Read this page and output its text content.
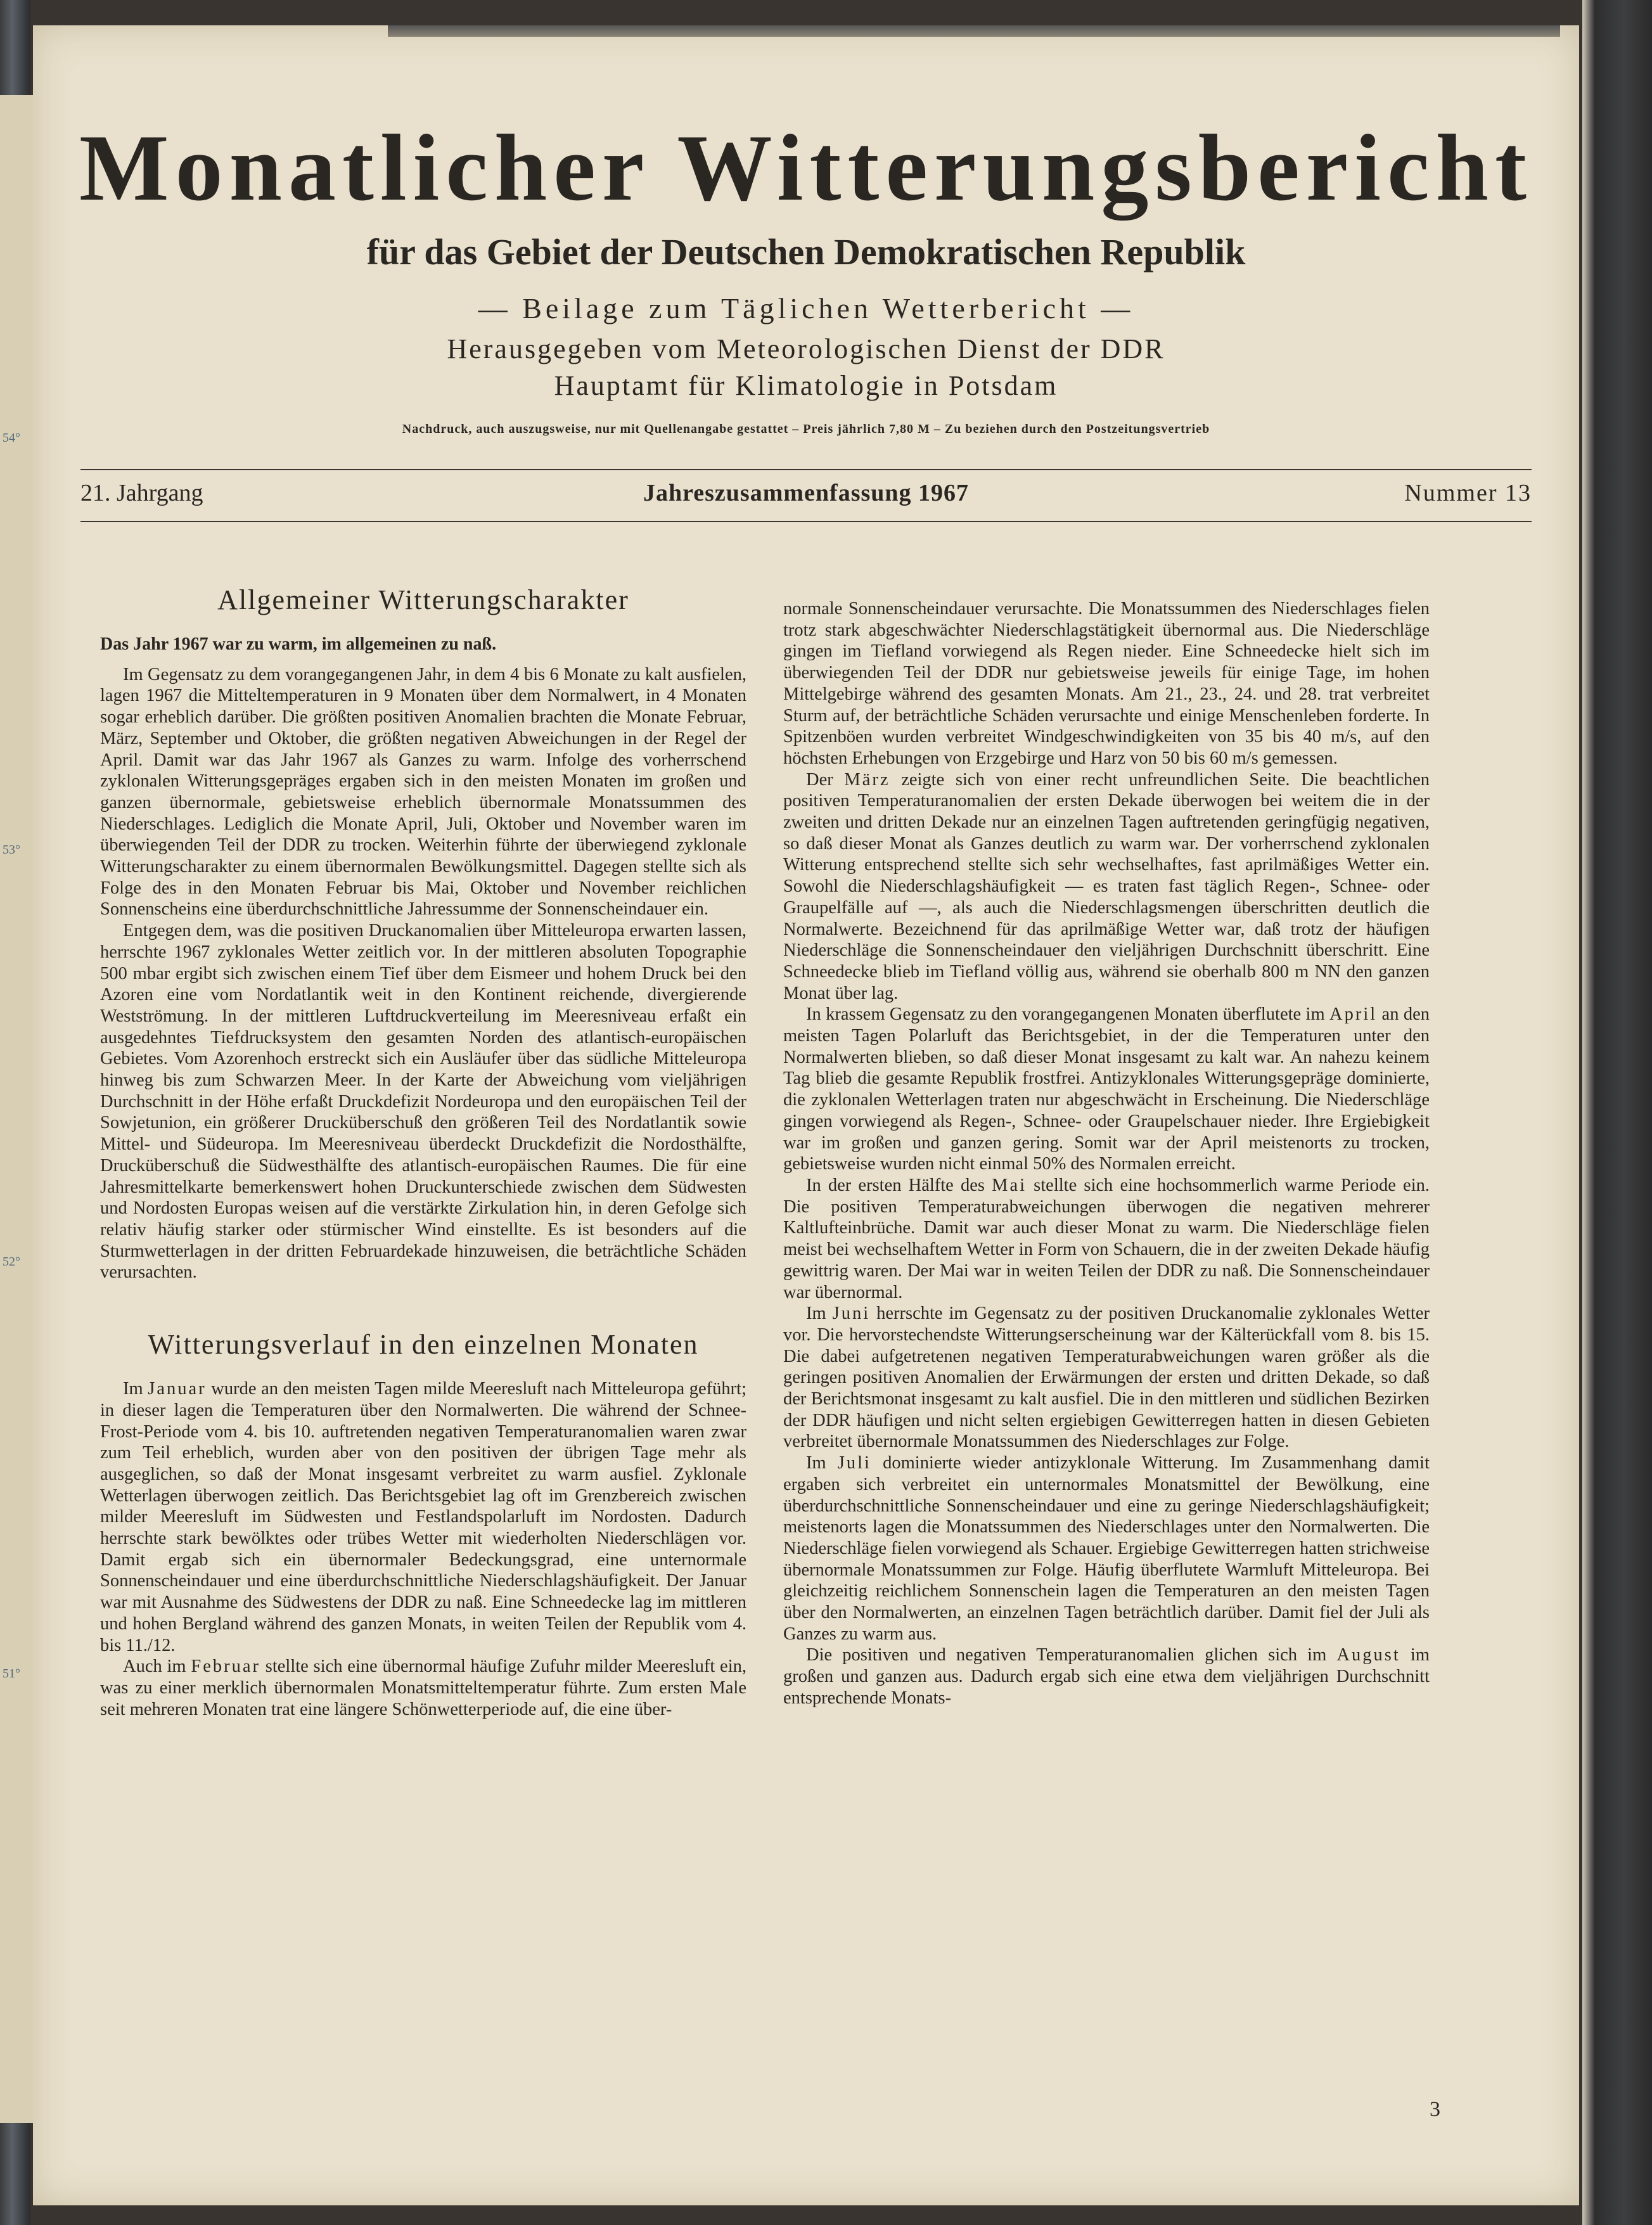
54°
53°
52°
51°
Monatlicher Witterungsbericht
für das Gebiet der Deutschen Demokratischen Republik
— Beilage zum Täglichen Wetterbericht —
Herausgegeben vom Meteorologischen Dienst der DDR
Hauptamt für Klimatologie in Potsdam
Nachdruck, auch auszugsweise, nur mit Quellenangabe gestattet – Preis jährlich 7,80 M – Zu beziehen durch den Postzeitungsvertrieb
21. Jahrgang	Jahreszusammenfassung 1967	Nummer 13
Allgemeiner Witterungscharakter
Das Jahr 1967 war zu warm, im allgemeinen zu naß.

Im Gegensatz zu dem vorangegangenen Jahr, in dem 4 bis 6 Monate zu kalt ausfielen, lagen 1967 die Mitteltemperaturen in 9 Monaten über dem Normalwert, in 4 Monaten sogar erheblich darüber. Die größten positiven Anomalien brachten die Monate Februar, März, September und Oktober, die größten negativen Abweichungen in der Regel der April. Damit war das Jahr 1967 als Ganzes zu warm. Infolge des vorherrschend zyklonalen Witterungsgepräges ergaben sich in den meisten Monaten im großen und ganzen übernormale, gebietsweise erheblich übernormale Monatssummen des Niederschlages. Lediglich die Monate April, Juli, Oktober und November waren im überwiegenden Teil der DDR zu trocken. Weiterhin führte der überwiegend zyklonale Witterungscharakter zu einem übernormalen Bewölkungsmittel. Dagegen stellte sich als Folge des in den Monaten Februar bis Mai, Oktober und November reichlichen Sonnenscheins eine überdurchschnittliche Jahressumme der Sonnenscheindauer ein.

Entgegen dem, was die positiven Druckanomalien über Mitteleuropa erwarten lassen, herrschte 1967 zyklonales Wetter zeitlich vor. In der mittleren absoluten Topographie 500 mbar ergibt sich zwischen einem Tief über dem Eismeer und hohem Druck bei den Azoren eine vom Nordatlantik weit in den Kontinent reichende, divergierende Westströmung. In der mittleren Luftdruckverteilung im Meeresniveau erfaßt ein ausgedehntes Tiefdrucksystem den gesamten Norden des atlantisch-europäischen Gebietes. Vom Azorenhoch erstreckt sich ein Ausläufer über das südliche Mitteleuropa hinweg bis zum Schwarzen Meer. In der Karte der Abweichung vom vieljährigen Durchschnitt in der Höhe erfaßt Druckdefizit Nordeuropa und den europäischen Teil der Sowjetunion, ein größerer Drucküberschuß den größeren Teil des Nordatlantik sowie Mittel- und Südeuropa. Im Meeresniveau überdeckt Druckdefizit die Nordosthälfte, Drucküberschuß die Südwesthälfte des atlantisch-europäischen Raumes. Die für eine Jahresmittelkarte bemerkenswert hohen Druckunterschiede zwischen dem Südwesten und Nordosten Europas weisen auf die verstärkte Zirkulation hin, in deren Gefolge sich relativ häufig starker oder stürmischer Wind einstellte. Es ist besonders auf die Sturmwetterlagen in der dritten Februardekade hinzuweisen, die beträchtliche Schäden verursachten.

Witterungsverlauf in den einzelnen Monaten

Im Januar wurde an den meisten Tagen milde Meeresluft nach Mitteleuropa geführt; in dieser lagen die Temperaturen über den Normalwerten. Die während der Schnee-Frost-Periode vom 4. bis 10. auftretenden negativen Temperaturanomalien waren zwar zum Teil erheblich, wurden aber von den positiven der übrigen Tage mehr als ausgeglichen, so daß der Monat insgesamt verbreitet zu warm ausfiel. Zyklonale Wetterlagen überwogen zeitlich. Das Berichtsgebiet lag oft im Grenzbereich zwischen milder Meeresluft im Südwesten und Festlandspolarluft im Nordosten. Dadurch herrschte stark bewölktes oder trübes Wetter mit wiederholten Niederschlägen vor. Damit ergab sich ein übernormaler Bedeckungsgrad, eine unternormale Sonnenscheindauer und eine überdurchschnittliche Niederschlagshäufigkeit. Der Januar war mit Ausnahme des Südwestens der DDR zu naß. Eine Schneedecke lag im mittleren und hohen Bergland während des ganzen Monats, in weiten Teilen der Republik vom 4. bis 11./12.

Auch im Februar stellte sich eine übernormal häufige Zufuhr milder Meeresluft ein, was zu einer merklich übernormalen Monatsmitteltemperatur führte. Zum ersten Male seit mehreren Monaten trat eine längere Schönwetterperiode auf, die eine über-

normale Sonnenscheindauer verursachte. Die Monatssummen des Niederschlages fielen trotz stark abgeschwächter Niederschlagstätigkeit übernormal aus. Die Niederschläge gingen im Tiefland vorwiegend als Regen nieder. Eine Schneedecke hielt sich im überwiegenden Teil der DDR nur gebietsweise jeweils für einige Tage, im hohen Mittelgebirge während des gesamten Monats. Am 21., 23., 24. und 28. trat verbreitet Sturm auf, der beträchtliche Schäden verursachte und einige Menschenleben forderte. In Spitzenböen wurden verbreitet Windgeschwindigkeiten von 35 bis 40 m/s, auf den höchsten Erhebungen von Erzgebirge und Harz von 50 bis 60 m/s gemessen.

Der März zeigte sich von einer recht unfreundlichen Seite. Die beachtlichen positiven Temperaturanomalien der ersten Dekade überwogen bei weitem die in der zweiten und dritten Dekade nur an einzelnen Tagen auftretenden geringfügig negativen, so daß dieser Monat als Ganzes deutlich zu warm war. Der vorherrschend zyklonalen Witterung entsprechend stellte sich sehr wechselhaftes, fast aprilmäßiges Wetter ein. Sowohl die Niederschlagshäufigkeit — es traten fast täglich Regen-, Schnee- oder Graupelfälle auf —, als auch die Niederschlagsmengen überschritten deutlich die Normalwerte. Bezeichnend für das aprilmäßige Wetter war, daß trotz der häufigen Niederschläge die Sonnenscheindauer den vieljährigen Durchschnitt überschritt. Eine Schneedecke blieb im Tiefland völlig aus, während sie oberhalb 800 m NN den ganzen Monat über lag.

In krassem Gegensatz zu den vorangegangenen Monaten überflutete im April an den meisten Tagen Polarluft das Berichtsgebiet, in der die Temperaturen unter den Normalwerten blieben, so daß dieser Monat insgesamt zu kalt war. An nahezu keinem Tag blieb die gesamte Republik frostfrei. Antizyklonales Witterungsgepräge dominierte, die zyklonalen Wetterlagen traten nur abgeschwächt in Erscheinung. Die Niederschläge gingen vorwiegend als Regen-, Schnee- oder Graupelschauer nieder. Ihre Ergiebigkeit war im großen und ganzen gering. Somit war der April meistenorts zu trocken, gebietsweise wurden nicht einmal 50% des Normalen erreicht.

In der ersten Hälfte des Mai stellte sich eine hochsommerlich warme Periode ein. Die positiven Temperaturabweichungen überwogen die negativen mehrerer Kaltlufteinbrüche. Damit war auch dieser Monat zu warm. Die Niederschläge fielen meist bei wechselhaftem Wetter in Form von Schauern, die in der zweiten Dekade häufig gewittrig waren. Der Mai war in weiten Teilen der DDR zu naß. Die Sonnenscheindauer war übernormal.

Im Juni herrschte im Gegensatz zu der positiven Druckanomalie zyklonales Wetter vor. Die hervorstechendste Witterungserscheinung war der Kälterückfall vom 8. bis 15. Die dabei aufgetretenen negativen Temperaturabweichungen waren größer als die geringen positiven Anomalien der Erwärmungen der ersten und dritten Dekade, so daß der Berichtsmonat insgesamt zu kalt ausfiel. Die in den mittleren und südlichen Bezirken der DDR häufigen und nicht selten ergiebigen Gewitterregen hatten in diesen Gebieten verbreitet übernormale Monatssummen des Niederschlages zur Folge.

Im Juli dominierte wieder antizyklonale Witterung. Im Zusammenhang damit ergaben sich verbreitet ein unternormales Monatsmittel der Bewölkung, eine überdurchschnittliche Sonnenscheindauer und eine zu geringe Niederschlagshäufigkeit; meistenorts lagen die Monatssummen des Niederschlages unter den Normalwerten. Die Niederschläge fielen vorwiegend als Schauer. Ergiebige Gewitterregen hatten strichweise übernormale Monatssummen zur Folge. Häufig überflutete Warmluft Mitteleuropa. Bei gleichzeitig reichlichem Sonnenschein lagen die Temperaturen an den meisten Tagen über den Normalwerten, an einzelnen Tagen beträchtlich darüber. Damit fiel der Juli als Ganzes zu warm aus.

Die positiven und negativen Temperaturanomalien glichen sich im August im großen und ganzen aus. Dadurch ergab sich eine etwa dem vieljährigen Durchschnitt entsprechende Monats-

3
